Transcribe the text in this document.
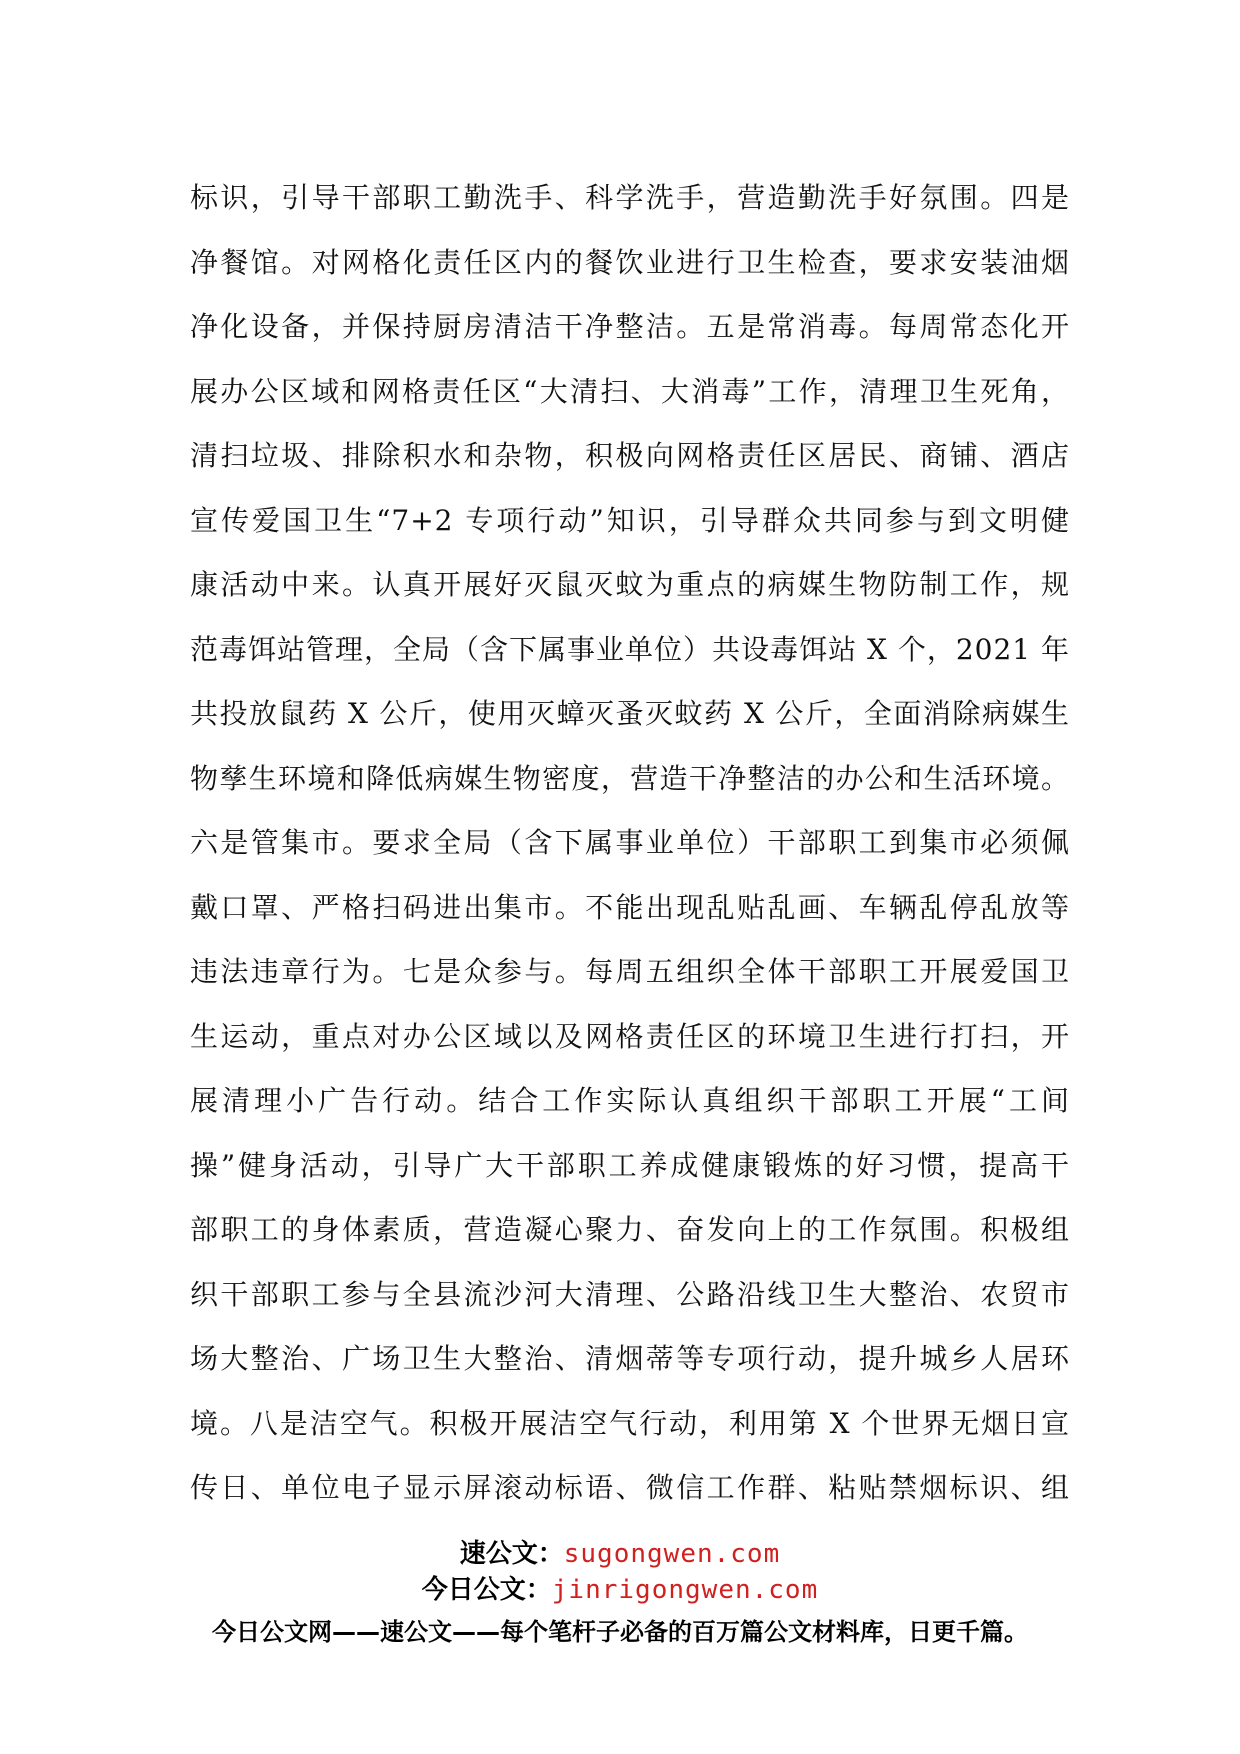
标识，引导干部职工勤洗手、科学洗手，营造勤洗手好氛围。四是
净餐馆。对网格化责任区内的餐饮业进行卫生检查，要求安装油烟
净化设备，并保持厨房清洁干净整洁。五是常消毒。每周常态化开
展办公区域和网格责任区“大清扫、大消毒”工作，清理卫生死角，
清扫垃圾、排除积水和杂物，积极向网格责任区居民、商铺、酒店
宣传爱国卫生“7+2 专项行动”知识，引导群众共同参与到文明健
康活动中来。认真开展好灭鼠灭蚊为重点的病媒生物防制工作，规
范毒饵站管理，全局（含下属事业单位）共设毒饵站 X 个，2021 年
共投放鼠药 X 公斤，使用灭蟑灭蚤灭蚊药 X 公斤，全面消除病媒生
物孳生环境和降低病媒生物密度，营造干净整洁的办公和生活环境。
六是管集市。要求全局（含下属事业单位）干部职工到集市必须佩
戴口罩、严格扫码进出集市。不能出现乱贴乱画、车辆乱停乱放等
违法违章行为。七是众参与。每周五组织全体干部职工开展爱国卫
生运动，重点对办公区域以及网格责任区的环境卫生进行打扫，开
展清理小广告行动。结合工作实际认真组织干部职工开展“工间
操”健身活动，引导广大干部职工养成健康锻炼的好习惯，提高干
部职工的身体素质，营造凝心聚力、奋发向上的工作氛围。积极组
织干部职工参与全县流沙河大清理、公路沿线卫生大整治、农贸市
场大整治、广场卫生大整治、清烟蒂等专项行动，提升城乡人居环
境。八是洁空气。积极开展洁空气行动，利用第 X 个世界无烟日宣
传日、单位电子显示屏滚动标语、微信工作群、粘贴禁烟标识、组
速公文：sugongwen.com
今日公文：jinrigongwen.com
今日公文网——速公文——每个笔杆子必备的百万篇公文材料库，日更千篇。
